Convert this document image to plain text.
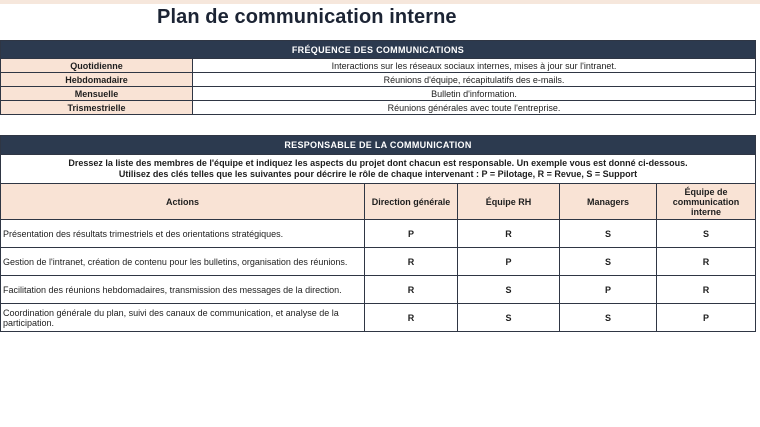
Plan de communication interne
FRÉQUENCE DES COMMUNICATIONS	
Quotidienne	Interactions sur les réseaux sociaux internes, mises à jour sur l'intranet.
Hebdomadaire	Réunions d'équipe, récapitulatifs des e-mails.
Mensuelle	Bulletin d'information.
Trismestrielle	Réunions générales avec toute l'entreprise.
RESPONSABLE DE LA COMMUNICATION				

Dressez la liste des membres de l'équipe et indiquez les aspects du projet dont chacun est responsable. Un exemple vous est donné ci-dessous.
Utilisez des clés telles que les suivantes pour décrire le rôle de chaque intervenant : P = Pilotage, R = Revue, S = Support				

Actions	Direction générale	Équipe RH	Managers	Équipe de communication interne
Présentation des résultats trimestriels et des orientations stratégiques.	P	R	S	S
Gestion de l'intranet, création de contenu pour les bulletins, organisation des réunions.	R	P	S	R
Facilitation des réunions hebdomadaires, transmission des messages de la direction.	R	S	P	R
Coordination générale du plan, suivi des canaux de communication, et analyse de la participation.	R	S	S	P
